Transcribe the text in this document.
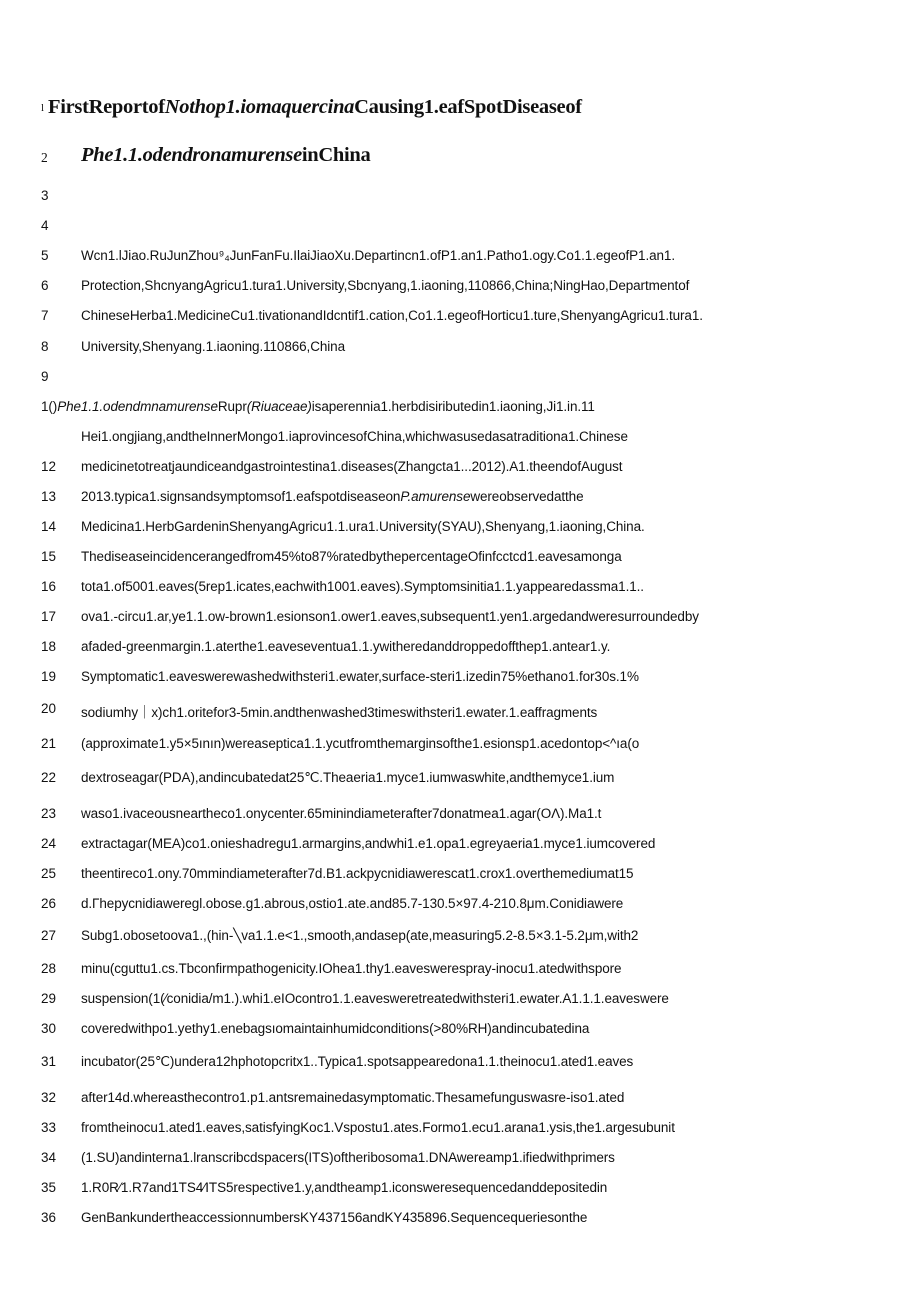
l FirstReportofNothop1.iomaquercinaCausing1.eafSpotDiseaseof
2 Phe1.1.odendronamurenseinChina
3
4
5 Wcn1.lJiao.RuJunZhou⁹₄JunFanFu.IlaiJiaoXu.Departincn1.ofP1.an1.Patho1.ogy.Co1.1.egeofP1.an1.
6 Protection,ShcnyangAgricu1.tura1.University,Sbcnyang,1.iaoning,110866,China;NingHao,Departmentof
7 ChineseHerba1.MedicineCu1.tivationandIdcntif1.cation,Co1.1.egeofHorticu1.ture,ShenyangAgricu1.tura1.
8 University,Shenyang.1.iaoning.110866,China
9
1()Phe1.1.odendmnamurenseRupr(Riuaceae)isaperennia1.herbdisiributedin1.iaoning,Ji1.in.11
Hei1.ongjiang,andtheInnerMongo1.iaprovincesofChina,whichwasusedasatraditiona1.Chinese
12 medicinetotreatjaundiceandgastrointestina1.diseases(Zhangcta1...2012).A1.theendofAugust
13 2013.typica1.signsandsymptomsof1.eafspotdiseaseonP.amurensewereobservedatthe
14 Medicina1.HerbGardeninShenyangAgricu1.1.ura1.University(SYAU),Shenyang,1.iaoning,China.
15 Thediseaseincidencerangedfrom45%to87%ratedbythepercentageOfinfcctcd1.eavesamonga
16 tota1.of5001.eaves(5rep1.icates,eachwith1001.eaves).Symptomsinitia1.1.yappearedassma1.1..
17 ova1.-circu1.ar,ye1.1.ow-brown1.esionson1.ower1.eaves,subsequent1.yen1.argedandweresurroundedby
18 afaded-greenmargin.1.aterthe1.eaveseventua1.1.ywitheredanddroppedoffthep1.antear1.y.
19 Symptomatic1.eaveswerewashedwithsteri1.ewater,surface-steri1.izedin75%ethano1.for30s.1%
20 sodiumhy｜x)ch1.oritefor3-5min.andthenwashed3timeswithsteri1.ewater.1.eaffragments
21 (approximate1.y5×5ının)wereaseptica1.1.ycutfromthemarginsofthe1.esionsp1.acedontop<^ıa(o
22 dextroseagar(PDA),andincubatedat25℃.Theaeria1.myce1.iumwaswhite,andthemyce1.ium
23 waso1.ivaceousneartheco1.onycenter.65minindiameterafter7donatmea1.agar(OΛ).Ma1.t
24 extractagar(MEA)co1.onieshadregu1.armargins,andwhi1.e1.opa1.egreyaeria1.myce1.iumcovered
25 theentireco1.ony.70mmindiameterafter7d.B1.ackpycnidiawerescat1.crox1.overthemediumat15
26 d.Γhepycnidiaweregl.obose.g1.abrous,ostio1.ate.and85.7-130.5×97.4-210.8μm.Conidiawere
27 Subg1.obosetoova1.,(hin-╲va1.1.e<1.,smooth,andasep(ate,measuring5.2-8.5×3.1-5.2μm,with2
28 minu(cguttu1.cs.Tbconfirmpathogenicity.IOhea1.thy1.eaveswerespray-inocu1.atedwithspore
29 suspension(1(⁄conidia/m1.).whi1.eIOcontro1.1.eavesweretreatedwithsteri1.ewater.A1.1.1.eaveswere
30 coveredwithpo1.yethy1.enebagsıomaintainhumidconditions(>80%RH)andincubatedina
31 incubator(25℃)undera12hphotopcritx1..Typica1.spotsappearedona1.1.theinocu1.ated1.eaves
32 after14d.whereasthecontro1.p1.antsremainedasymptomatic.Thesamefunguswasre-iso1.ated
33 fromtheinocu1.ated1.eaves,satisfyingKoc1.Vspostu1.ates.Formo1.ecu1.arana1.ysis,the1.argesubunit
34 (1.SU)andinterna1.lranscribcdspacers(ITS)oftheribosoma1.DNAwereamp1.ifiedwithprimers
35 1.R0R⁄1.R7and1TS4⁄ITS5respective1.y,andtheamp1.iconsweresequencedanddepositedin
36 GenBankundertheaccessionnumbersKY437156andKY435896.Sequencequeriesonthe
